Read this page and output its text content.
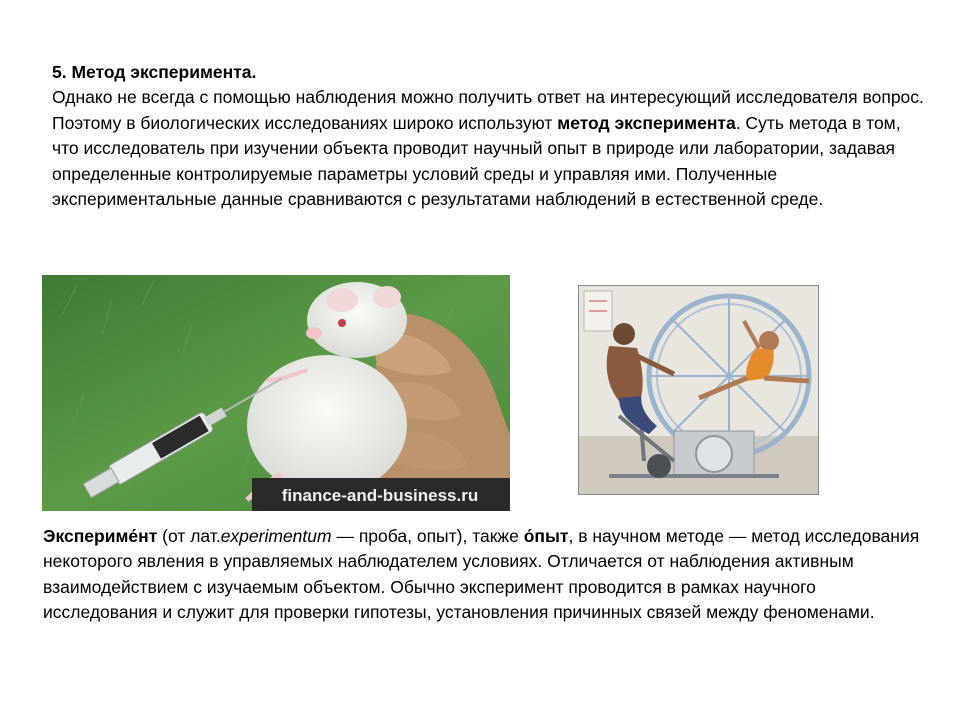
5. Метод эксперимента.
Однако не всегда с помощью наблюдения можно получить ответ на интересующий исследователя вопрос. Поэтому в биологических исследованиях широко используют метод эксперимента. Суть метода в том, что исследователь при изучении объекта проводит научный опыт в природе или лаборатории, задавая определенные контролируемые параметры условий среды и управляя ими. Полученные экспериментальные данные сравниваются с результатами наблюдений в естественной среде.
finance-and-business.ru
Экспериме́нт (от лат.experimentum — проба, опыт), также о́пыт, в научном методе — метод исследования некоторого явления в управляемых наблюдателем условиях. Отличается от наблюдения активным взаимодействием с изучаемым объектом. Обычно эксперимент проводится в рамках научного исследования и служит для проверки гипотезы, установления причинных связей между феноменами.
